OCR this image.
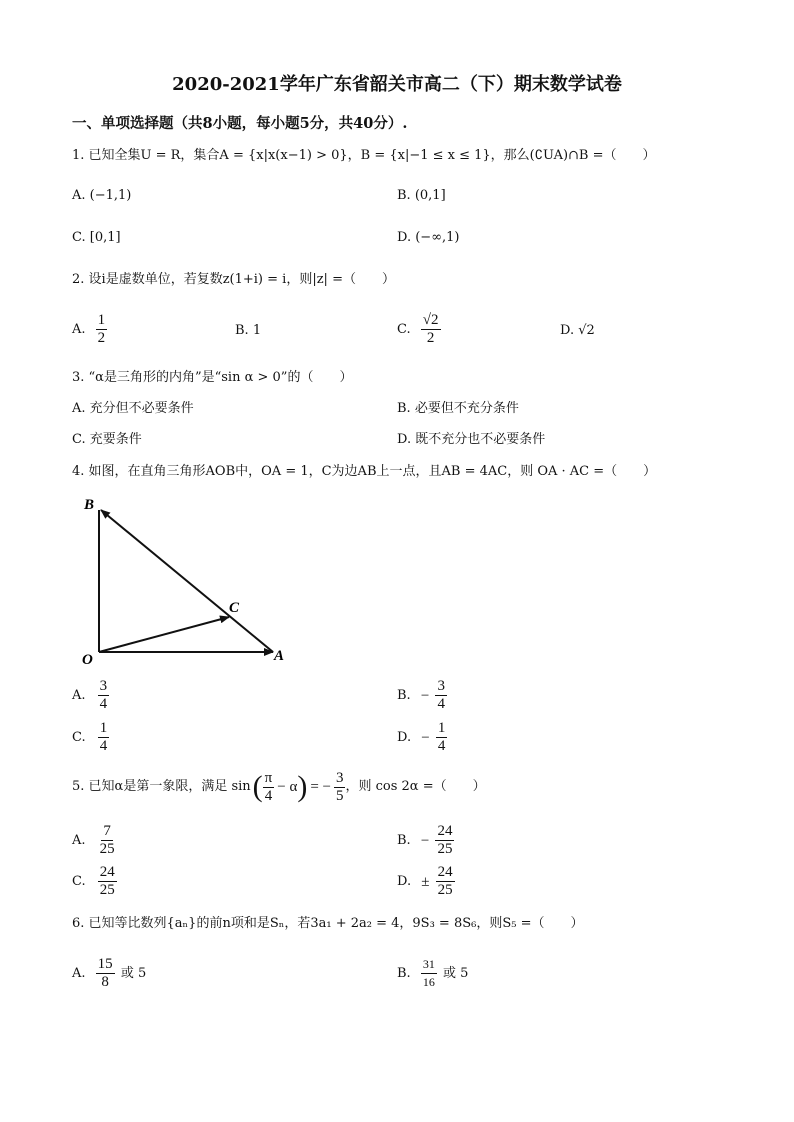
2020-2021学年广东省韶关市高二（下）期末数学试卷
一、单项选择题（共8小题，每小题5分，共40分）.
1. 已知全集U = R，集合A = {x|x(x−1) > 0}，B = {x|−1 ≤ x ≤ 1}，那么(∁UA)∩B =（　　）
A. (−1,1)	B. (0,1]
C. [0,1]	D. (−∞,1)
2. 设i是虚数单位，若复数z(1+i) = i，则|z| =（　　）
A. $\frac{1}{2}$	B. 1	C. $\frac{√2}{2}$	D. √2
3. “α是三角形的内角”是“sin α > 0”的（　　）
A. 充分但不必要条件	B. 必要但不充分条件
C. 充要条件	D. 既不充分也不必要条件
4. 如图，在直角三角形AOB中，OA = 1，C为边AB上一点，且AB = 4AC，则 OA · AC =（　　）
B
C
O	A
A. $\frac{3}{4}$	B. − $\frac{3}{4}$
C. $\frac{1}{4}$	D. − $\frac{1}{4}$
5. 已知α是第一象限，满足 sin ( $\frac{\pi}{4} - \alpha$ ) = − $\frac{3}{5}$ ，则 cos 2α =（　　）
A. $\frac{7}{25}$	B. − $\frac{24}{25}$
C. $\frac{24}{25}$	D. ± $\frac{24}{25}$
6. 已知等比数列{aₙ}的前n项和是Sₙ，若3a₁ + 2a₂ = 4，9S₃ = 8S₆，则S₅ =（　　）
A. $\frac{15}{8}$ 或 5	B. $\frac{31}{16}$ 或 5
